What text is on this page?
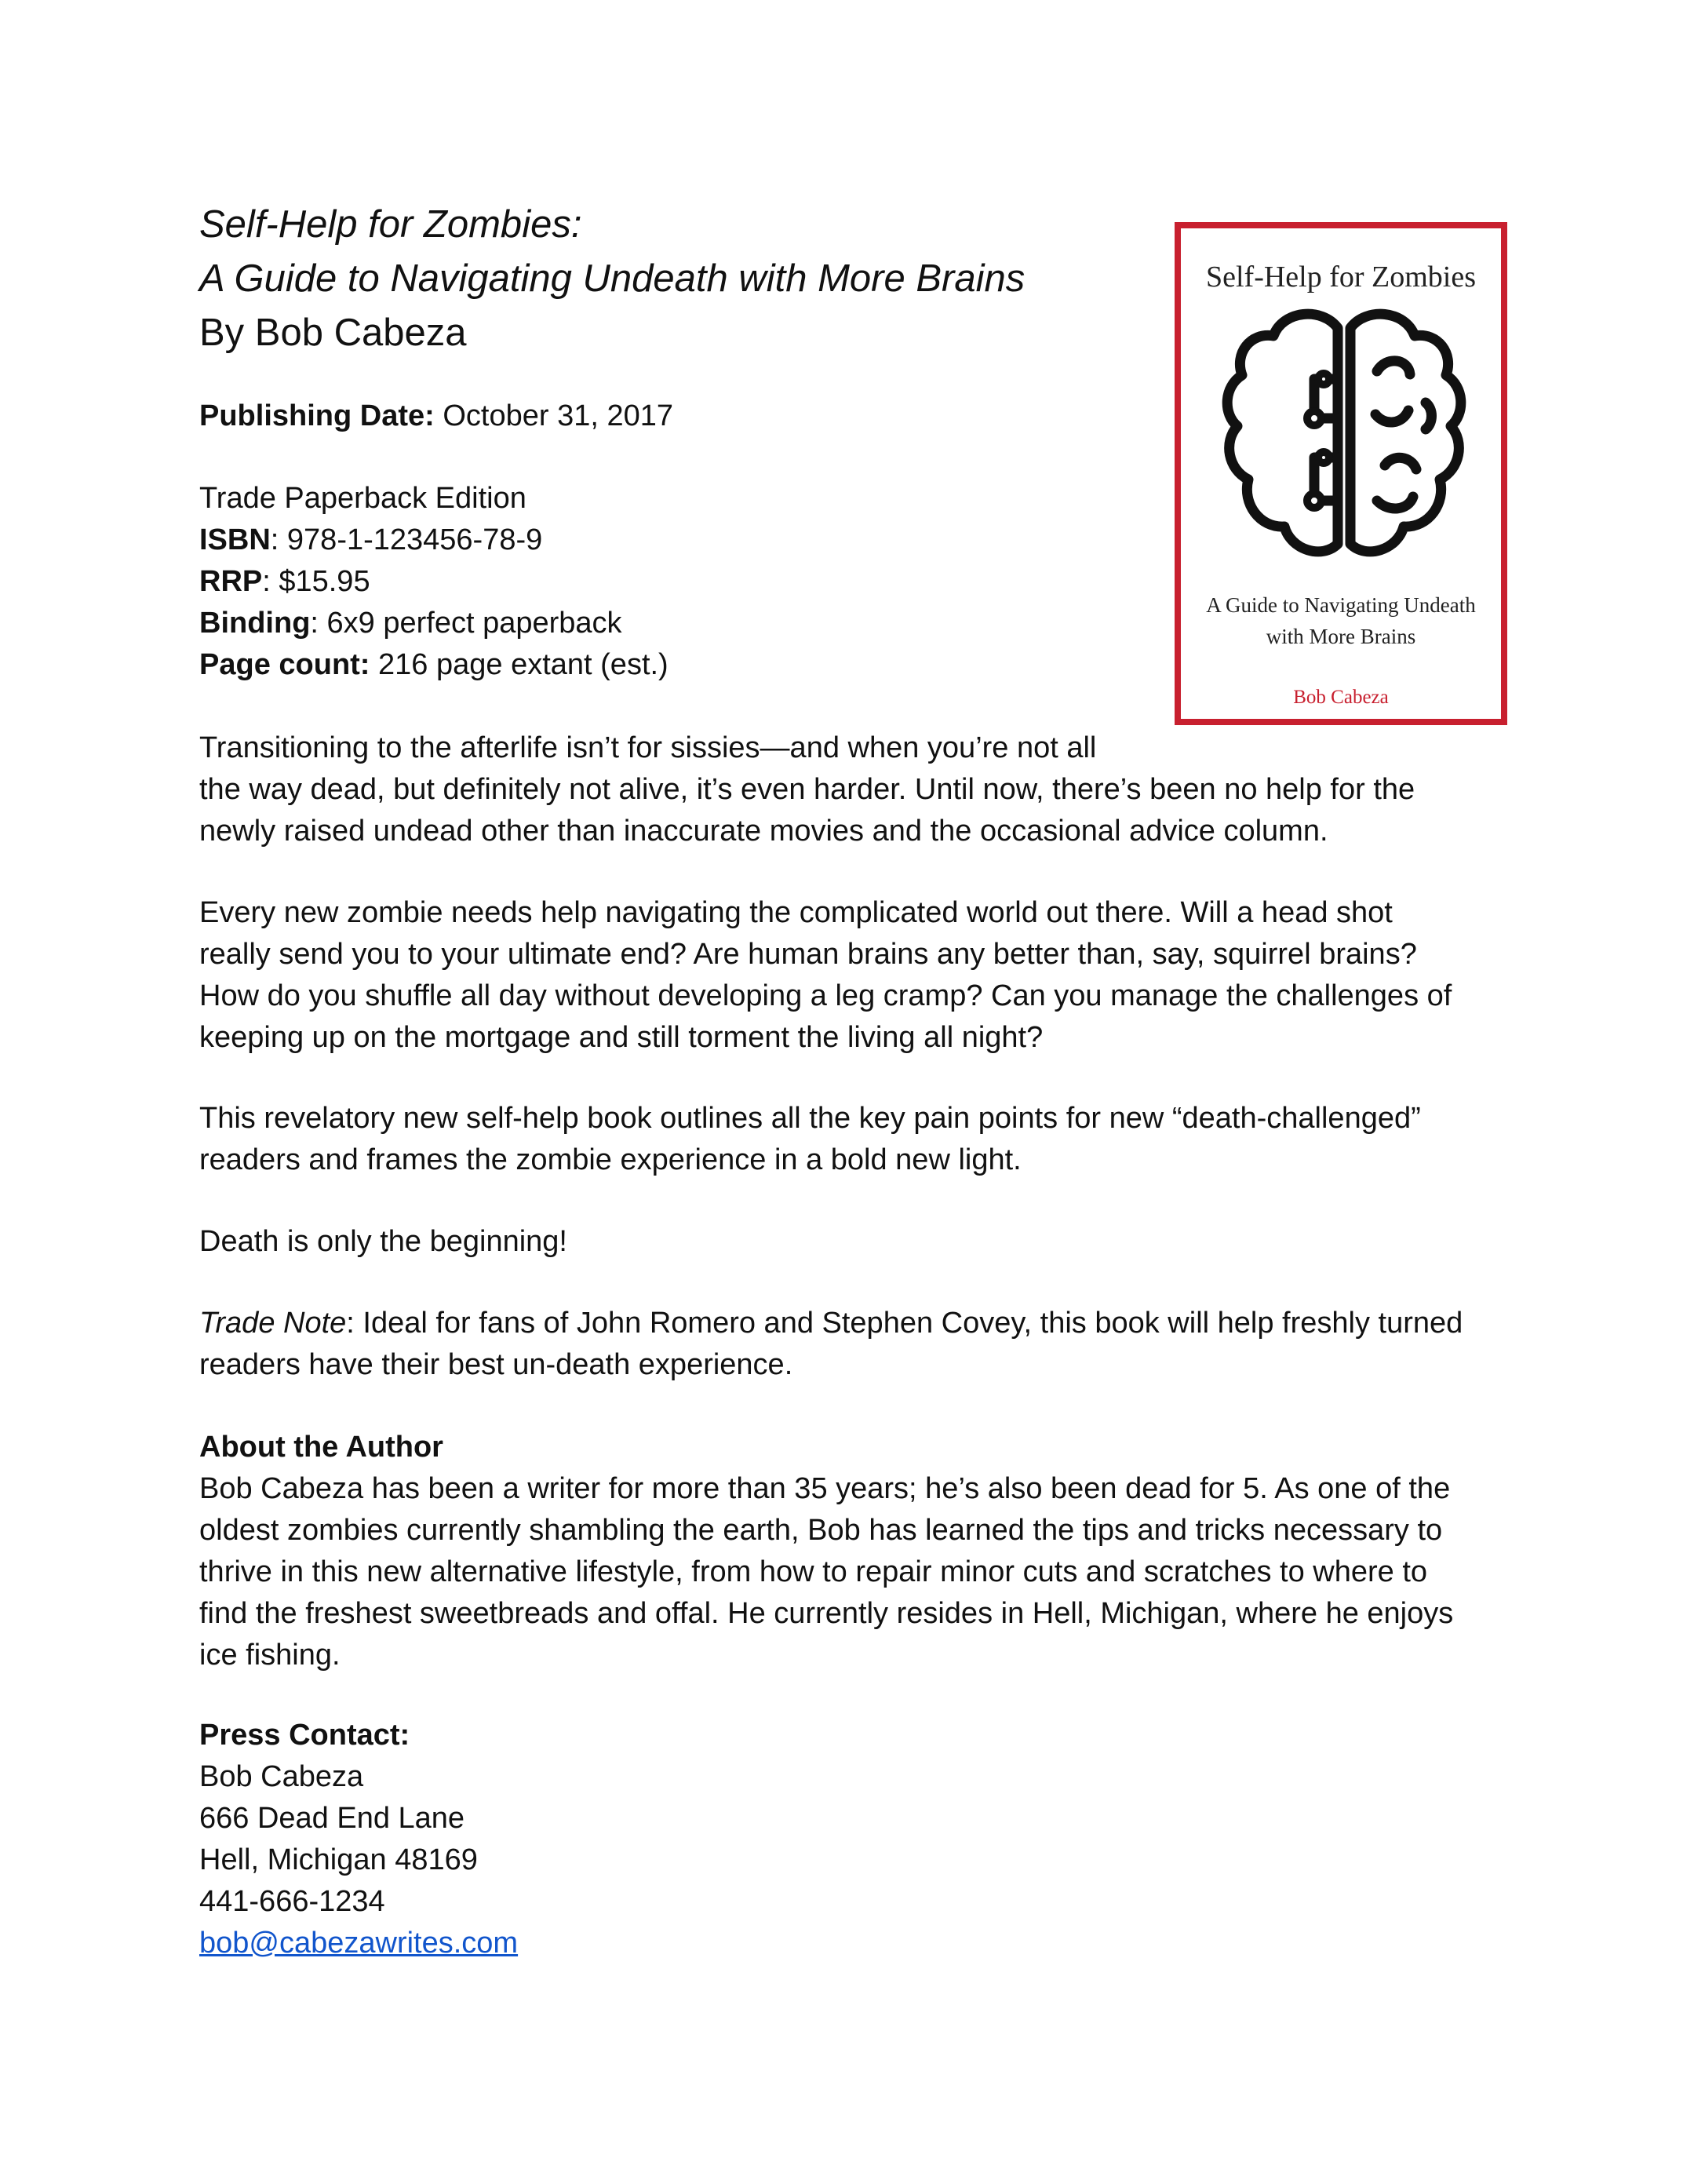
Self-Help for Zombies:
A Guide to Navigating Undeath with More Brains
By Bob Cabeza

Publishing Date: October 31, 2017

Trade Paperback Edition
ISBN: 978-1-123456-78-9
RRP: $15.95
Binding: 6x9 perfect paperback
Page count: 216 page extant (est.)
Self-Help for Zombies
A Guide to Navigating Undeath
with More Brains
Bob Cabeza
Transitioning to the afterlife isn’t for sissies—and when you’re not all
the way dead, but definitely not alive, it’s even harder. Until now, there’s been no help for the
newly raised undead other than inaccurate movies and the occasional advice column.
Every new zombie needs help navigating the complicated world out there. Will a head shot
really send you to your ultimate end? Are human brains any better than, say, squirrel brains?
How do you shuffle all day without developing a leg cramp? Can you manage the challenges of
keeping up on the mortgage and still torment the living all night?
This revelatory new self-help book outlines all the key pain points for new “death-challenged”
readers and frames the zombie experience in a bold new light.

Death is only the beginning!

Trade Note: Ideal for fans of John Romero and Stephen Covey, this book will help freshly turned
readers have their best un-death experience.
About the Author
Bob Cabeza has been a writer for more than 35 years; he’s also been dead for 5. As one of the
oldest zombies currently shambling the earth, Bob has learned the tips and tricks necessary to
thrive in this new alternative lifestyle, from how to repair minor cuts and scratches to where to
find the freshest sweetbreads and offal. He currently resides in Hell, Michigan, where he enjoys
ice fishing.
Press Contact:
Bob Cabeza
666 Dead End Lane
Hell, Michigan 48169
441-666-1234
bob@cabezawrites.com
